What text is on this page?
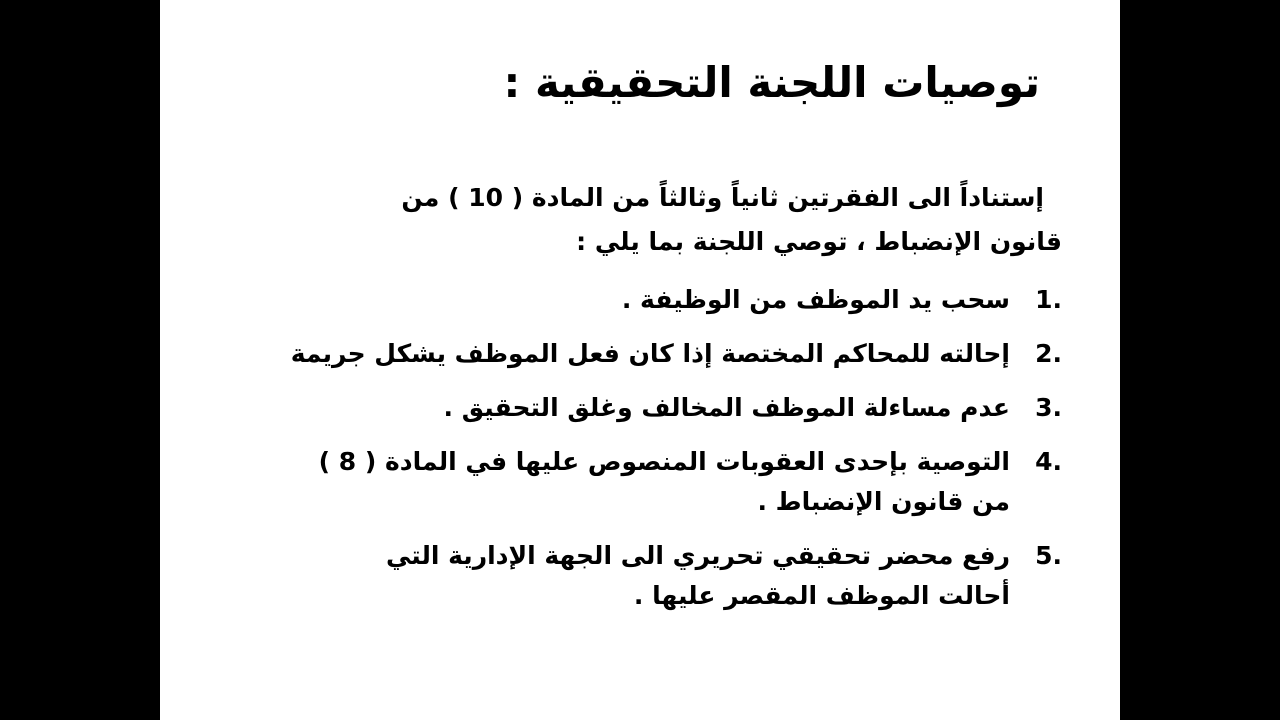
توصيات اللجنة التحقيقية :
إستناداً الى الفقرتين ثانياً وثالثاً من المادة ( 10 ) من قانون الإنضباط ، توصي اللجنة بما يلي :
1.
سحب يد الموظف من الوظيفة .
2.
إحالته للمحاكم المختصة إذا كان فعل الموظف يشكل جريمة
3.
عدم مساءلة الموظف المخالف وغلق التحقيق .
4.
التوصية بإحدى العقوبات المنصوص عليها في المادة ( 8 ) من قانون الإنضباط .
5.
رفع محضر تحقيقي تحريري الى الجهة الإدارية التي أحالت الموظف المقصر عليها .
